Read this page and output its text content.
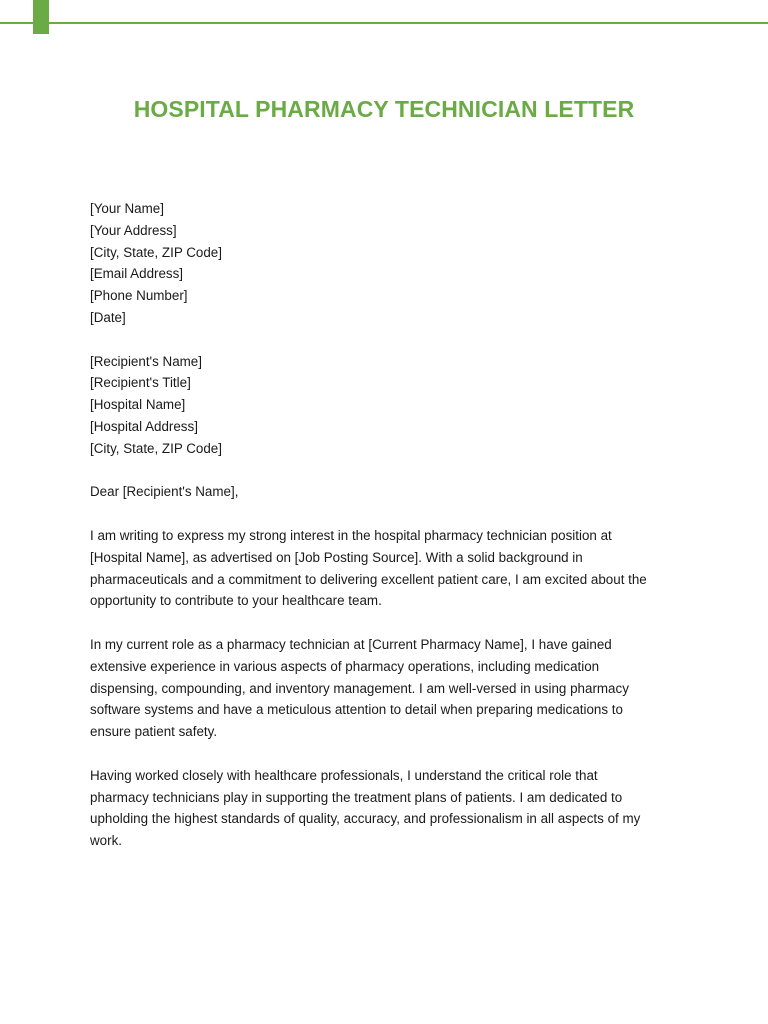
HOSPITAL PHARMACY TECHNICIAN LETTER
[Your Name]
[Your Address]
[City, State, ZIP Code]
[Email Address]
[Phone Number]
[Date]
[Recipient's Name]
[Recipient's Title]
[Hospital Name]
[Hospital Address]
[City, State, ZIP Code]
Dear [Recipient's Name],
I am writing to express my strong interest in the hospital pharmacy technician position at
[Hospital Name], as advertised on [Job Posting Source]. With a solid background in
pharmaceuticals and a commitment to delivering excellent patient care, I am excited about the
opportunity to contribute to your healthcare team.
In my current role as a pharmacy technician at [Current Pharmacy Name], I have gained
extensive experience in various aspects of pharmacy operations, including medication
dispensing, compounding, and inventory management. I am well-versed in using pharmacy
software systems and have a meticulous attention to detail when preparing medications to
ensure patient safety.
Having worked closely with healthcare professionals, I understand the critical role that
pharmacy technicians play in supporting the treatment plans of patients. I am dedicated to
upholding the highest standards of quality, accuracy, and professionalism in all aspects of my
work.
